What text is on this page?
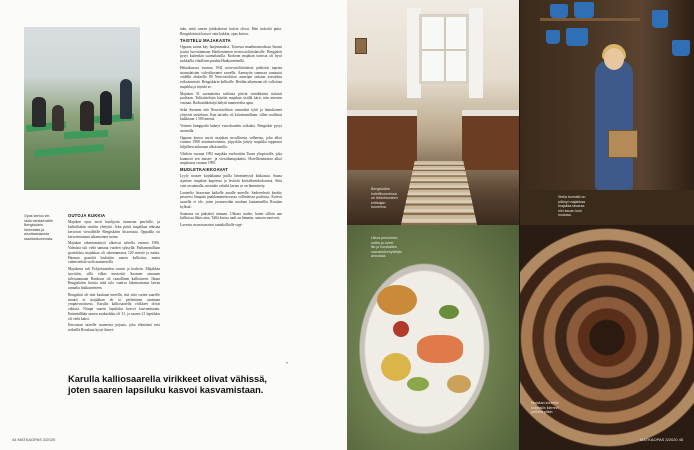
Opas kertoo vie-
railla varsiarmallle
Bengtskärin
historiasta ja
ainutlaatuisesta
saaristoluonnosta.
OUTOJA KUKKIA

Majakan opas nosti kuulijoita istumaan pen-kille, ja kallioiltakin otettiin yhteyttä. Joka päivä majakkaa edustaa kertoivat vierailleille Bengtskärin historiasta. Oppaalla on kerrottavanaan aikamoinen tarina.

Majakan rakentamistyöt alkoivat talvella vuonna 1906. Valmista tuli vielä samana vuoden syksyllä. Parhaimmillaan graniittisia majakkaa oli rakentamassa 120 miestä ja naista. Harmaa graniitti louhittiin saaren kallioista, mutta valmistettiin vielä mantereella.

Majakasta tuli Pohjoismaiden suurin ja korkein. Majakkaa tarvittiin, sillä vilkas merireitti Suomen aimuuan talvisatamaan Hankoon oli vaarallinen kallioineen. Ilman Bengtskärin luotsia niitä tulo vaativa lukemattomia laivaa rannalta hukkuneineen.

Bengtskär oli niin kaukana merellä, että siitä varten saarelle muutti ei majakkan eh ta perheineen asumaan ympärivuotisesti. Karulla kalliosaarella virikkeet olivat vähissä. Niinpä saaren lapsiluku kasvoi kasvamistaan. Enimmillään saaren asukasluku oli 31, ja saaren 21 lapsiluku oli vielä kaksi.

Kerrotaan saarelle asuneesta pojasta, joka elämänsä ensi retkeillä Rosalaan kysyi ihmet-

tään, mitä saaren jättikokoiset kuivat olivat. Hän tarkoitti puita. Bengtskärissä kasvoi vain kukkia, opas kertoo.

TAISTELU MAJAKASTA

Oppaan tarina käy hurjemmaksi. Toisessa maailmansodassa Suomi joutui luovuttamaan Hankoniemen neuvostoliittolaisille. Bengtskär pysyi kuitenkin suomalaisilla. Korkean majakan tornista oli hyvä tarkkailla vihollisen puuhia Hankoniemellä.

Heinäkuussa vuonna 1941 neuvostoliittolaiset päättivät tuprtaa suomalaisten valvoiltornnet saarella. Aamuyön sumussa rantautui viidellä aluksella 80 Neuvostoliiton armeijan tarkaan asesteltua erikoismiestä. Bengtskärin kallioille. Heidän aikeenaan oli valloittaa majakka ja täyttää se.

Majakan 31 suomalaista sotilasta pitivät sinnikkäästi tiukasti puoliaan. Tulitaistelujia käytiin majakan sisällä kärit, niin miesten vastaan. Radiosähköttäjä hälytti mantereelta apua.

Sekä Suomen että Neuvostoliiton vammiksi tykit ja lentokoneet yhtyivät taisteluun. Kun taistelu oli kiivaimmillaan, sillen osallistui kaikkiaan 1 500 miestä.

Verinen kamppailu käänyi vuorokauden sotkuksi. Bengtskär pysyi suomella.

Oppaan kertoo myös majakan suvullisesta valheesta, joka alkoi vuonna 1968 automatisoinnin, yöpyikön jättyty majakka rappeutui hiljalleen ankaraan ulkotoimilla.

Vihdoin vuonna 1992 majakka vuokrattiin Turun yliopistolle, joka kunnosti sen museo- ja vierailumajakaksi. Hotellitoimintaa alkoi majakassa vuonna 1995.

MUOLETKAIKKOAVAT

Lyyly nousee kirjakkaana puilla lämmitetystä kiukaasta. Sauna sijaitsee majakan kupeessa ja levittää kivitalkeenkokoonsa. Siitä vain arvaamalla, montako rahaltä kertaa se on lämmitetty.

Lauteelta leiauvaan kaikelle auralle merelle. Sadevedestä kerätty pesuvesi lämpiää paakkammettovassa vallinteissa padoissa. Kaivoa saarella ei ole, joten juomavedän tuodaan kantamaellia Rosalan kylästä.

Saunasta on päästävä uimaan. Ulkona tuulee, kuten silloin aan kallioissa lähes aina. Tällä kertaa tuuli on lämmin, samoin merivesi.

Laveatu on mosonaiset rantakalliolle sopi-

»
Karulla kalliosaarella virikkeet olivat vähissä,
joten saaren lapsiluku kasvoi kasvamistaan.
44 MATKAOPAS 3/2020
Bengtskärin
hotellihuoneissa
on lähtohtuoteen
entisajan
tunnelma.
Stella Isomäki on
pitänyt majakkaa
majakka tavaraa
niin kauan kuin
muistaa.
Ulkoa peuroteen,
uuttia ja oveet
lilo ja hurskallea
vaaraanleohyttetyin
annoksia.
Majakan korkeille
kolpeisiin kierrevi
portaita pitkin.
MATKAOPAS 3/2020 45
